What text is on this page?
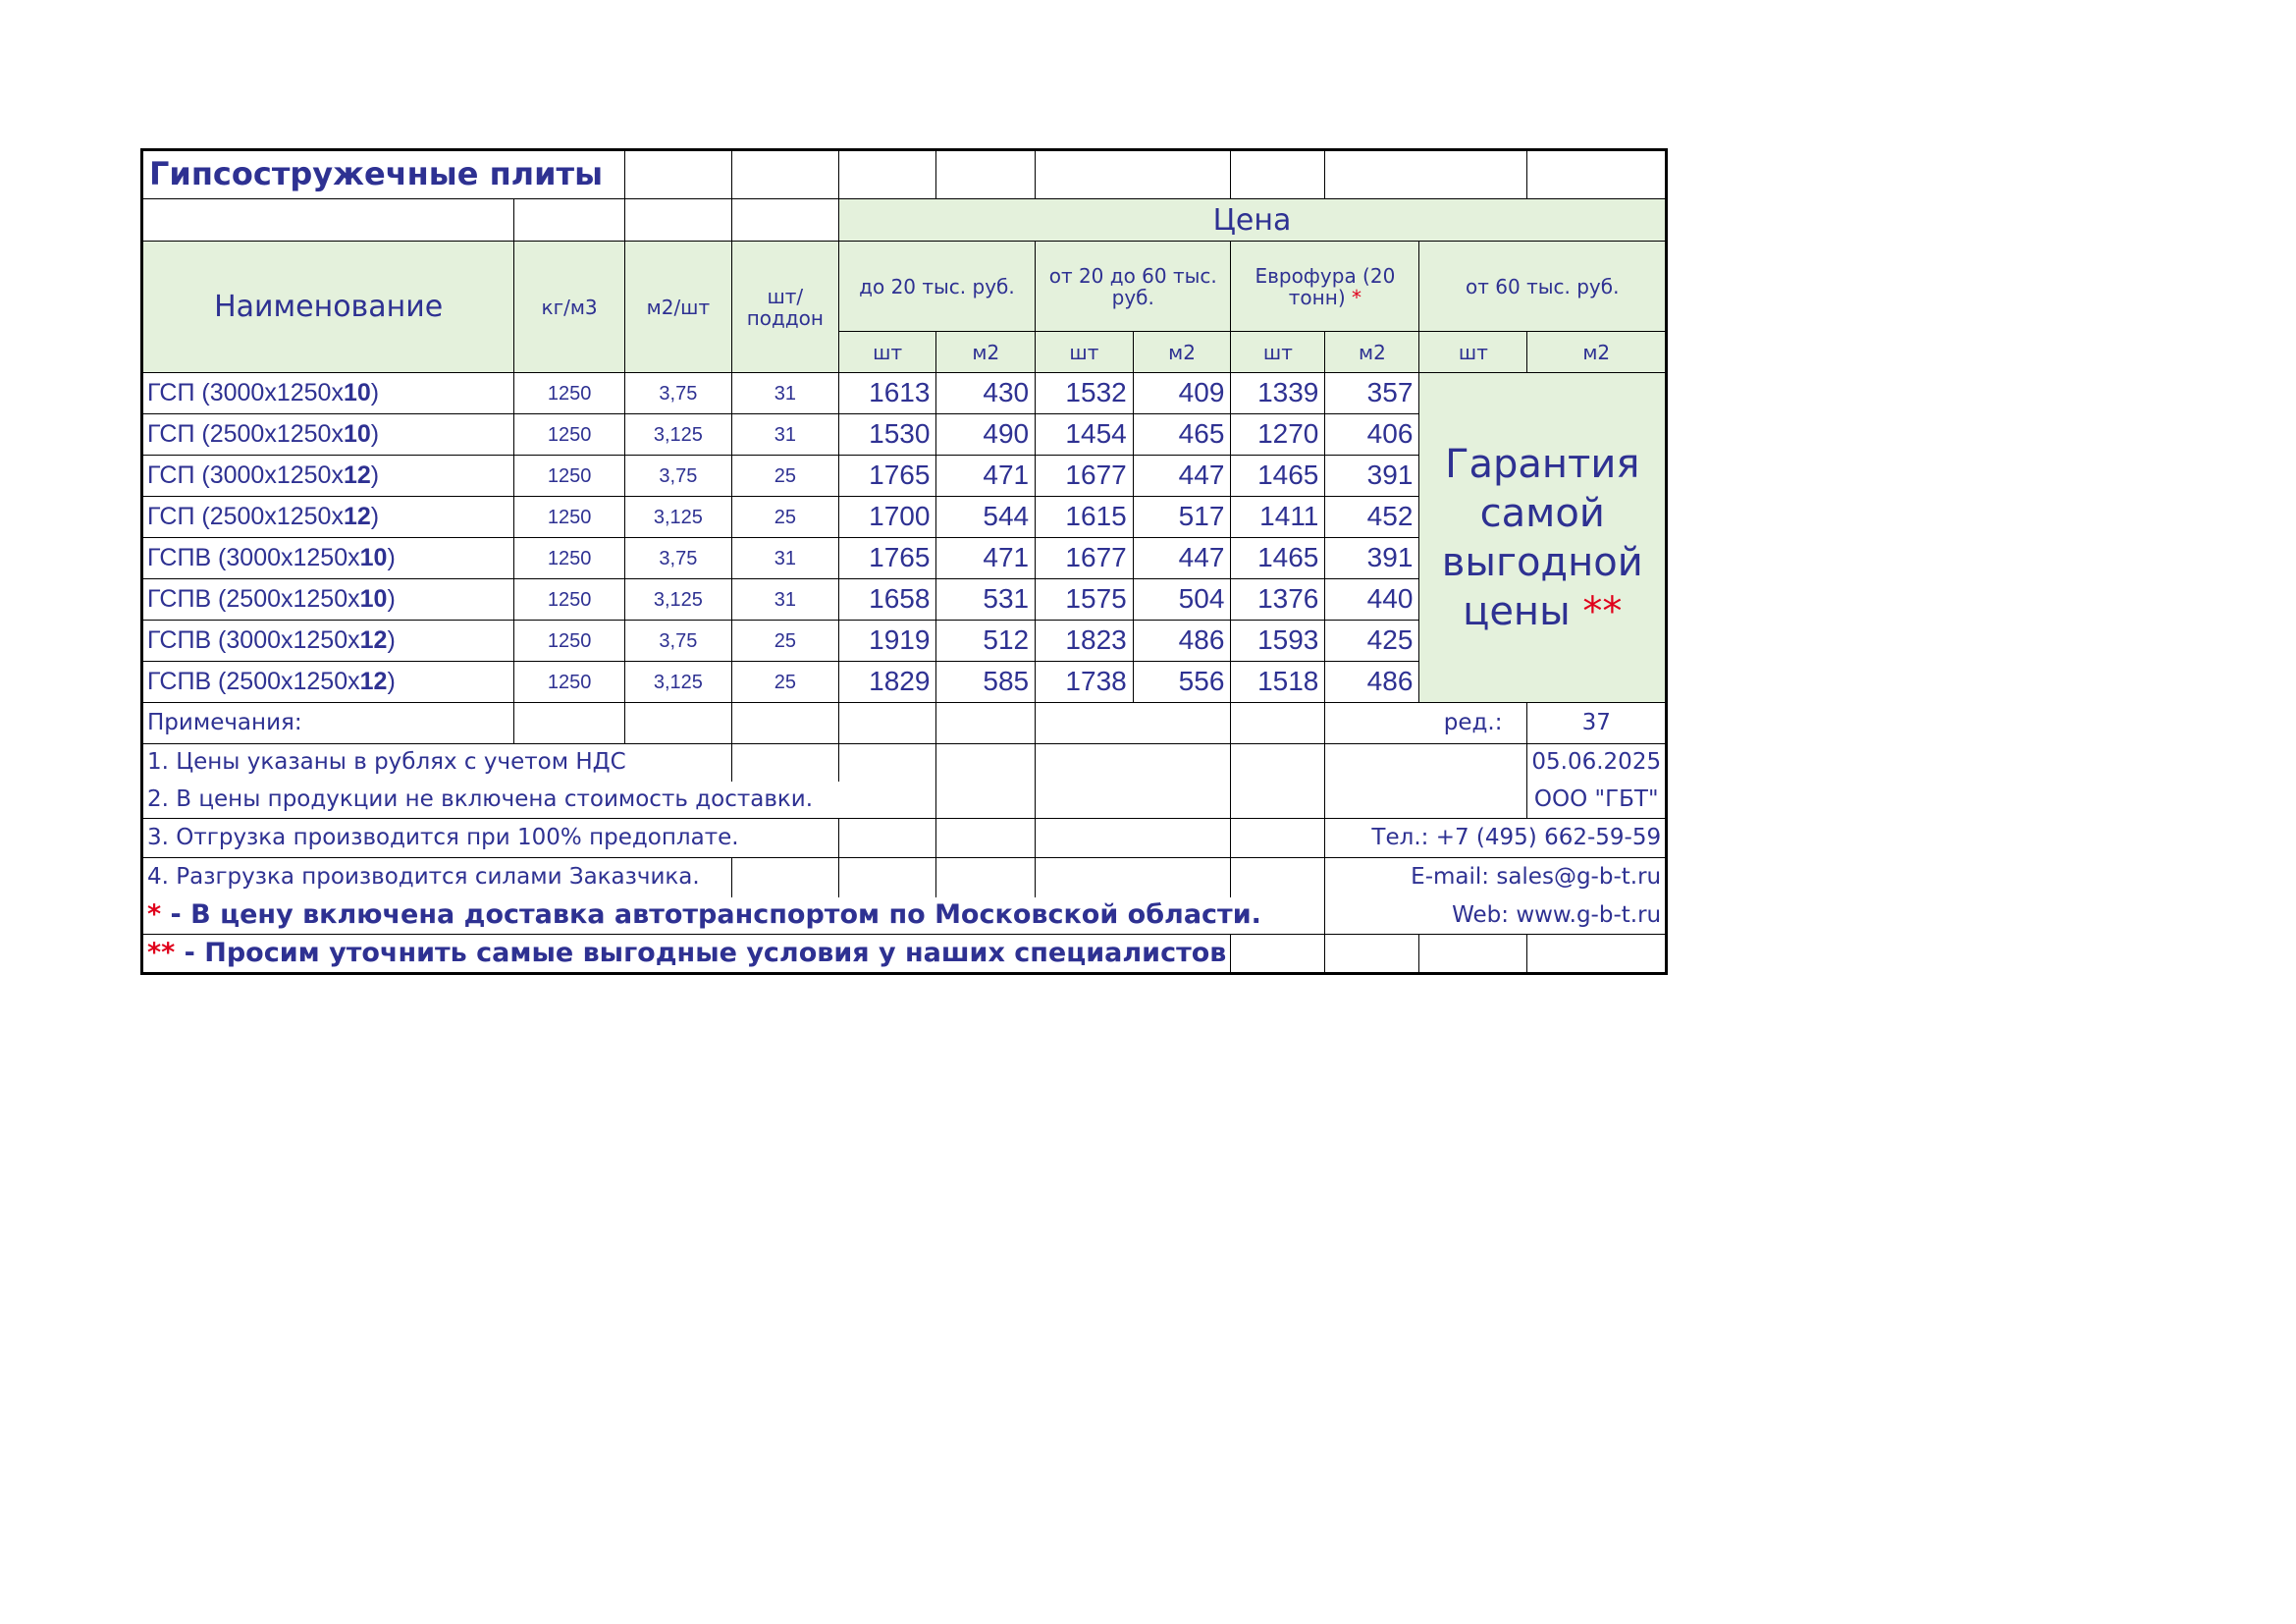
Гипсостружечные плиты											
				Цена							
Наименование	кг/м3	м2/шт	шт/ поддон	до 20 тыс. руб.		от 20 до 60 тыс. руб.		Еврофура (20 тонн) *		от 60 тыс. руб.	
				шт	м2	шт	м2	шт	м2	шт	м2
ГСП (3000х1250х10)	1250	3,75	31	1613	430	1532	409	1339	357	Гарантия самой выгодной цены **	
ГСП (2500х1250х10)	1250	3,125	31	1530	490	1454	465	1270	406		
ГСП (3000х1250х12)	1250	3,75	25	1765	471	1677	447	1465	391		
ГСП (2500х1250х12)	1250	3,125	25	1700	544	1615	517	1411	452		
ГСПВ (3000х1250х10)	1250	3,75	31	1765	471	1677	447	1465	391		
ГСПВ (2500х1250х10)	1250	3,125	31	1658	531	1575	504	1376	440		
ГСПВ (3000х1250х12)	1250	3,75	25	1919	512	1823	486	1593	425		
ГСПВ (2500х1250х12)	1250	3,125	25	1829	585	1738	556	1518	486		
Примечания:										ред.:	37
1. Цены указаны в рублях с учетом НДС											05.06.2025
2. В цены продукции не включена стоимость доставки.											ООО "ГБТ"
3. Отгрузка производится при 100% предоплате.									Тел.: +7 (495) 662-59-59		
4. Разгрузка производится силами Заказчика.									E-mail: sales@g-b-t.ru		
* - В цену включена доставка автотранспортом по Московской области.									Web: www.g-b-t.ru		
** - Просим уточнить самые выгодные условия у наших специалистов											
